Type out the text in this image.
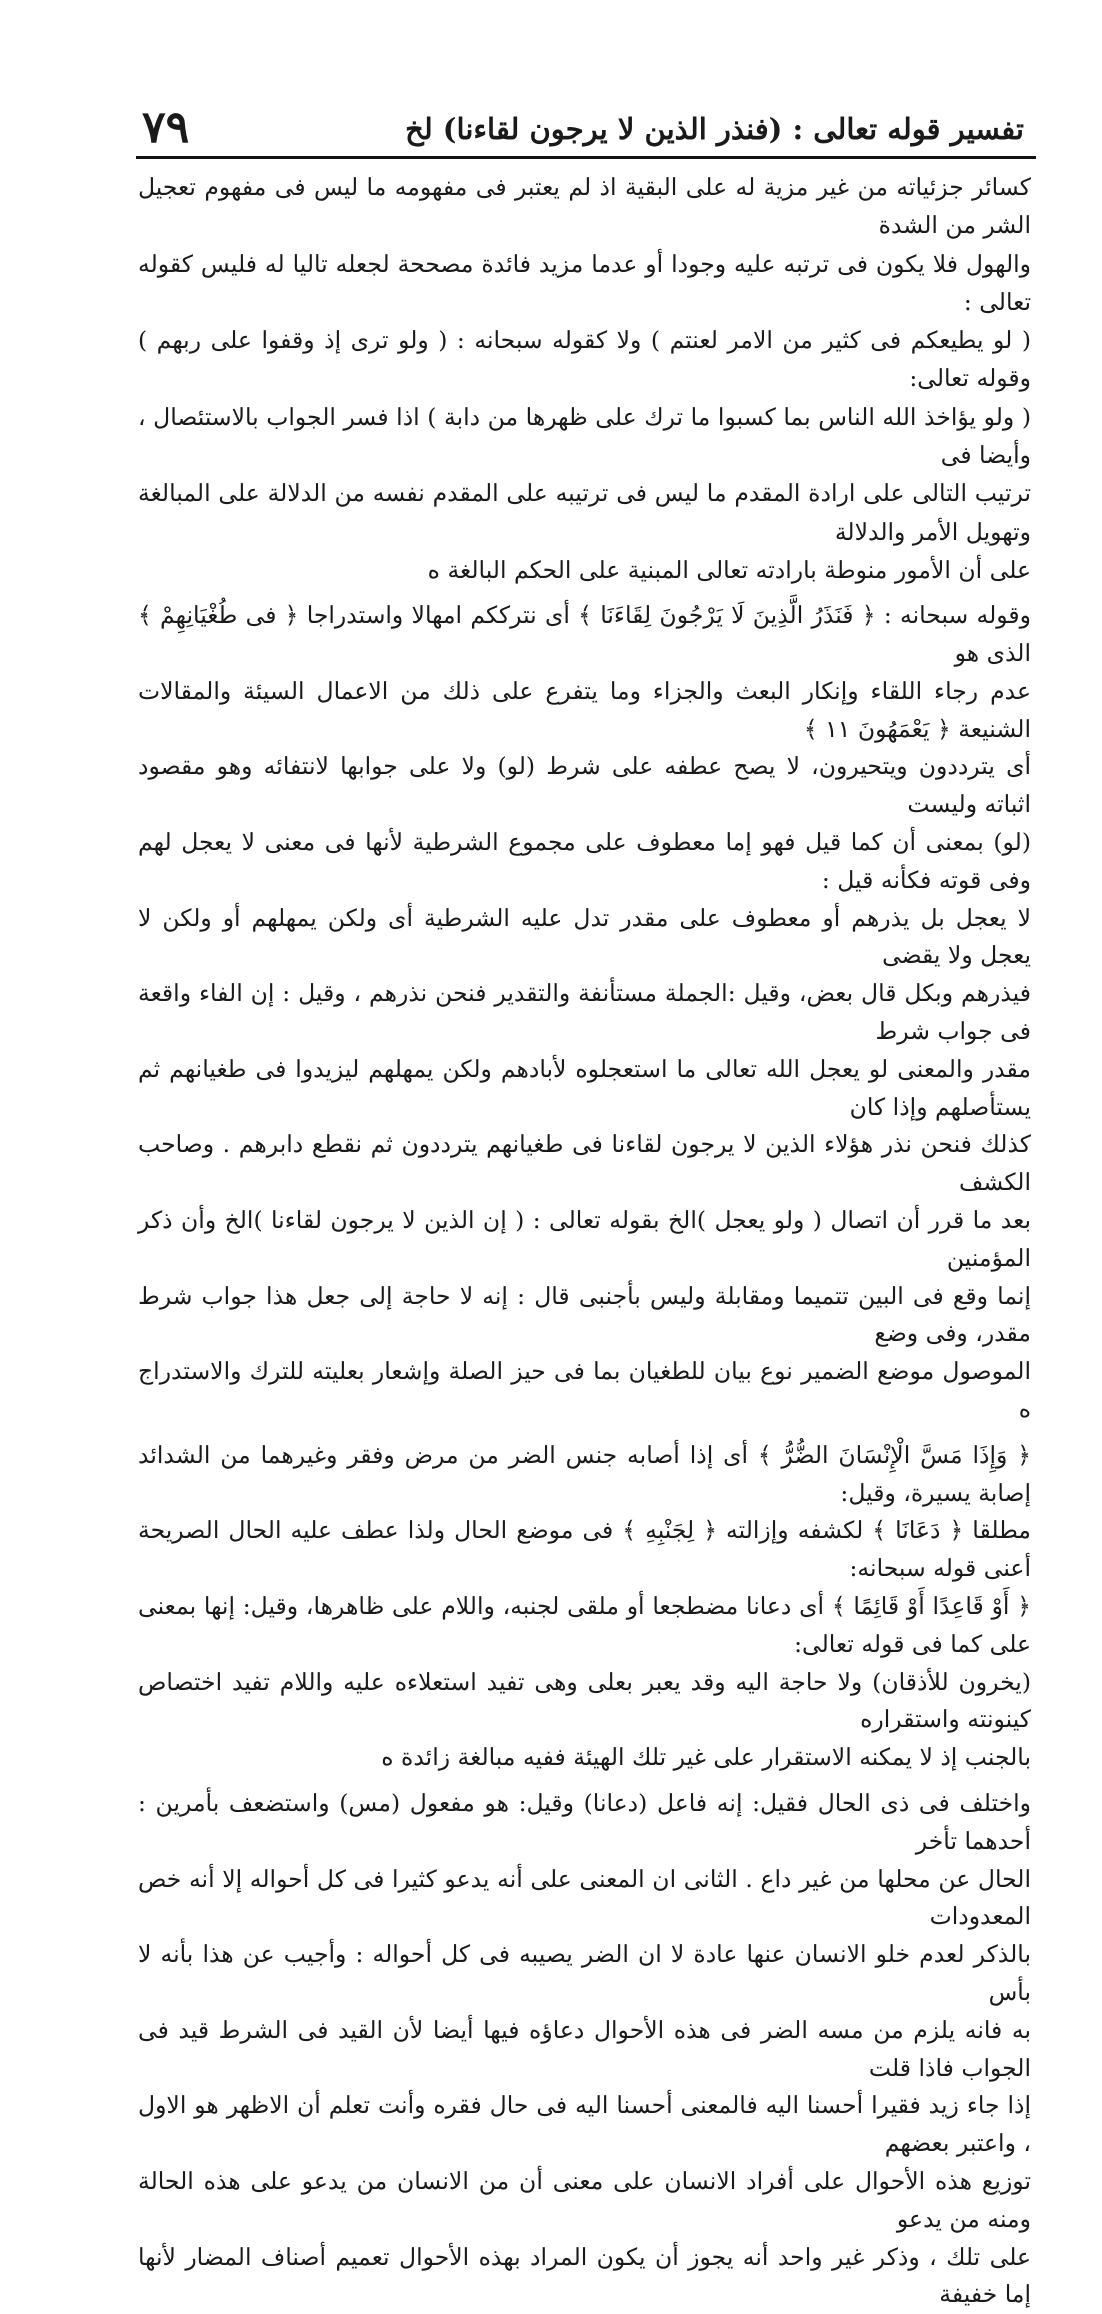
تفسير قوله تعالى : (فنذر الذين لا يرجون لقاءنا) لخ
٧٩

كسائر جزئياته من غير مزية له على البقية اذ لم يعتبر فى مفهومه ما ليس فى مفهوم تعجيل الشر من الشدة
والهول فلا يكون فى ترتبه عليه وجودا أو عدما مزيد فائدة مصححة لجعله تاليا له فليس كقوله تعالى :
( لو يطيعكم فى كثير من الامر لعنتم ) ولا كقوله سبحانه : ( ولو ترى إذ وقفوا على ربهم ) وقوله تعالى:
( ولو يؤاخذ الله الناس بما كسبوا ما ترك على ظهرها من دابة ) اذا فسر الجواب بالاستئصال ، وأيضا فى
ترتيب التالى على ارادة المقدم ما ليس فى ترتيبه على المقدم نفسه من الدلالة على المبالغة وتهويل الأمر والدلالة
على أن الأمور منوطة بارادته تعالى المبنية على الحكم البالغة ه

وقوله سبحانه : ﴿ فَنَذَرُ الَّذِينَ لَا يَرْجُونَ لِقَاءَنَا ﴾ أى نترككم امهالا واستدراجا ﴿ فى طُغْيَانِهِمْ ﴾ الذى هو
عدم رجاء اللقاء وإنكار البعث والجزاء وما يتفرع على ذلك من الاعمال السيئة والمقالات الشنيعة ﴿ يَعْمَهُونَ ١١ ﴾
أى يترددون ويتحيرون، لا يصح عطفه على شرط (لو) ولا على جوابها لانتفائه وهو مقصود اثباته وليست
(لو) بمعنى أن كما قيل فهو إما معطوف على مجموع الشرطية لأنها فى معنى لا يعجل لهم وفى قوته فكأنه قيل :
لا يعجل بل يذرهم أو معطوف على مقدر تدل عليه الشرطية أى ولكن يمهلهم أو ولكن لا يعجل ولا يقضى
فيذرهم وبكل قال بعض، وقيل :الجملة مستأنفة والتقدير فنحن نذرهم ، وقيل : إن الفاء واقعة فى جواب شرط
مقدر والمعنى لو يعجل الله تعالى ما استعجلوه لأبادهم ولكن يمهلهم ليزيدوا فى طغيانهم ثم يستأصلهم وإذا كان
كذلك فنحن نذر هؤلاء الذين لا يرجون لقاءنا فى طغيانهم يترددون ثم نقطع دابرهم . وصاحب الكشف
بعد ما قرر أن اتصال ( ولو يعجل )الخ بقوله تعالى : ( إن الذين لا يرجون لقاءنا )الخ وأن ذكر المؤمنين
إنما وقع فى البين تتميما ومقابلة وليس بأجنبى قال : إنه لا حاجة إلى جعل هذا جواب شرط مقدر، وفى وضع
الموصول موضع الضمير نوع بيان للطغيان بما فى حيز الصلة وإشعار بعليته للترك والاستدراج ه

﴿ وَإِذَا مَسَّ الْإِنْسَانَ الضُّرُّ ﴾ أى إذا أصابه جنس الضر من مرض وفقر وغيرهما من الشدائد إصابة يسيرة، وقيل:
مطلقا ﴿ دَعَانَا ﴾ لكشفه وإزالته ﴿ لِجَنْبِهِ ﴾ فى موضع الحال ولذا عطف عليه الحال الصريحة أعنى قوله سبحانه:
﴿ أَوْ قَاعِدًا أَوْ قَائِمًا ﴾ أى دعانا مضطجعا أو ملقى لجنبه، واللام على ظاهرها، وقيل: إنها بمعنى على كما فى قوله تعالى:
(يخرون للأذقان) ولا حاجة اليه وقد يعبر بعلى وهى تفيد استعلاءه عليه واللام تفيد اختصاص كينونته واستقراره
بالجنب إذ لا يمكنه الاستقرار على غير تلك الهيئة ففيه مبالغة زائدة ه

واختلف فى ذى الحال فقيل: إنه فاعل (دعانا) وقيل: هو مفعول (مس) واستضعف بأمرين : أحدهما تأخر
الحال عن محلها من غير داع . الثانى ان المعنى على أنه يدعو كثيرا فى كل أحواله إلا أنه خص المعدودات
بالذكر لعدم خلو الانسان عنها عادة لا ان الضر يصيبه فى كل أحواله : وأجيب عن هذا بأنه لا بأس
به فانه يلزم من مسه الضر فى هذه الأحوال دعاؤه فيها أيضا لأن القيد فى الشرط قيد فى الجواب فاذا قلت
إذا جاء زيد فقيرا أحسنا اليه فالمعنى أحسنا اليه فى حال فقره وأنت تعلم أن الاظهر هو الاول ، واعتبر بعضهم
توزيع هذه الأحوال على أفراد الانسان على معنى أن من الانسان من يدعو على هذه الحالة ومنه من يدعو
على تلك ، وذكر غير واحد أنه يجوز أن يكون المراد بهذه الأحوال تعميم أصناف المضار لأنها إما خفيفة
